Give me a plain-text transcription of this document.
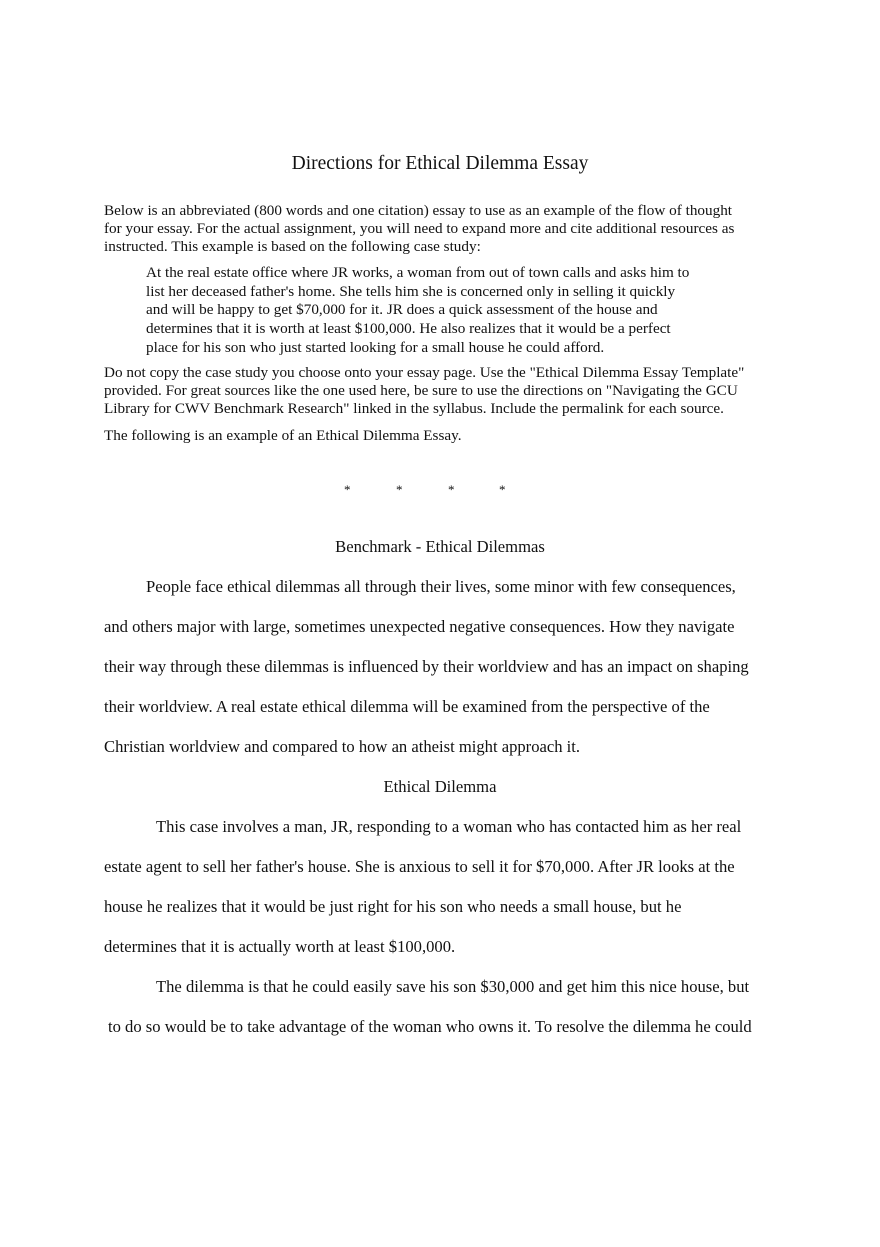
Directions for Ethical Dilemma Essay

Below is an abbreviated (800 words and one citation) essay to use as an example of the flow of thought

for your essay. For the actual assignment, you will need to expand more and cite additional resources as

instructed. This example is based on the following case study:

At the real estate office where JR works, a woman from out of town calls and asks him to

list her deceased father's home. She tells him she is concerned only in selling it quickly

and will be happy to get $70,000 for it. JR does a quick assessment of the house and

determines that it is worth at least $100,000. He also realizes that it would be a perfect

place for his son who just started looking for a small house he could afford.

Do not copy the case study you choose onto your essay page. Use the "Ethical Dilemma Essay Template"

provided. For great sources like the one used here, be sure to use the directions on "Navigating the GCU

Library for CWV Benchmark Research" linked in the syllabus. Include the permalink for each source.

The following is an example of an Ethical Dilemma Essay.

*	*	*	*

Benchmark - Ethical Dilemmas

People face ethical dilemmas all through their lives, some minor with few consequences,

and others major with large, sometimes unexpected negative consequences. How they navigate

their way through these dilemmas is influenced by their worldview and has an impact on shaping

their worldview. A real estate ethical dilemma will be examined from the perspective of the

Christian worldview and compared to how an atheist might approach it.

Ethical Dilemma

This case involves a man, JR, responding to a woman who has contacted him as her real

estate agent to sell her father's house. She is anxious to sell it for $70,000. After JR looks at the

house he realizes that it would be just right for his son who needs a small house, but he

determines that it is actually worth at least $100,000.

The dilemma is that he could easily save his son $30,000 and get him this nice house, but

to do so would be to take advantage of the woman who owns it. To resolve the dilemma he could
